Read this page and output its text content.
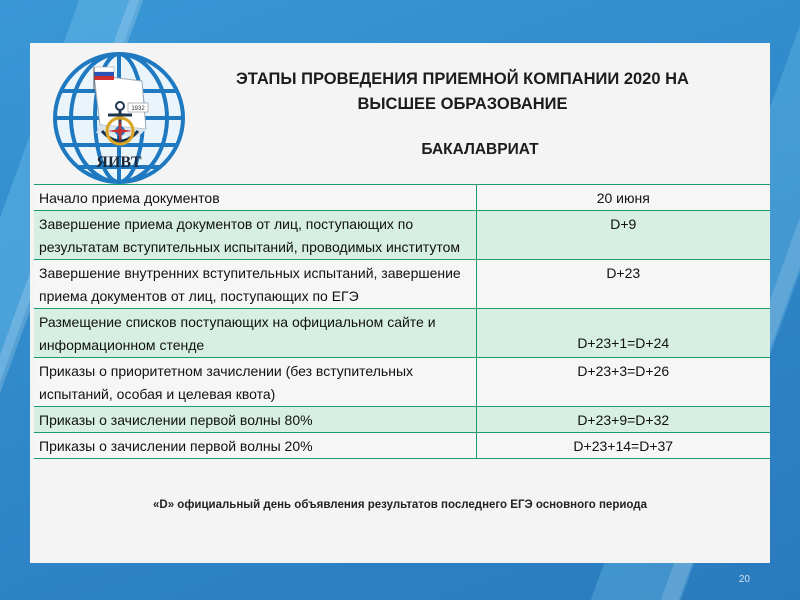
1932
ЯИВТ
ЭТАПЫ ПРОВЕДЕНИЯ ПРИЕМНОЙ КОМПАНИИ 2020 НА ВЫСШЕЕ ОБРАЗОВАНИЕ
БАКАЛАВРИАТ
Начало приема документов	20 июня
Завершение приема документов от лиц, поступающих по результатам вступительных испытаний, проводимых институтом	D+9
Завершение внутренних вступительных испытаний, завершение приема документов от лиц, поступающих по ЕГЭ	D+23
Размещение списков поступающих на официальном сайте и информационном стенде	D+23+1=D+24
Приказы о приоритетном зачислении (без вступительных испытаний, особая и целевая квота)	D+23+3=D+26
Приказы о зачислении первой волны 80%	D+23+9=D+32
Приказы о зачислении первой волны 20%	D+23+14=D+37
«D» официальный день объявления результатов последнего ЕГЭ основного периода
20
